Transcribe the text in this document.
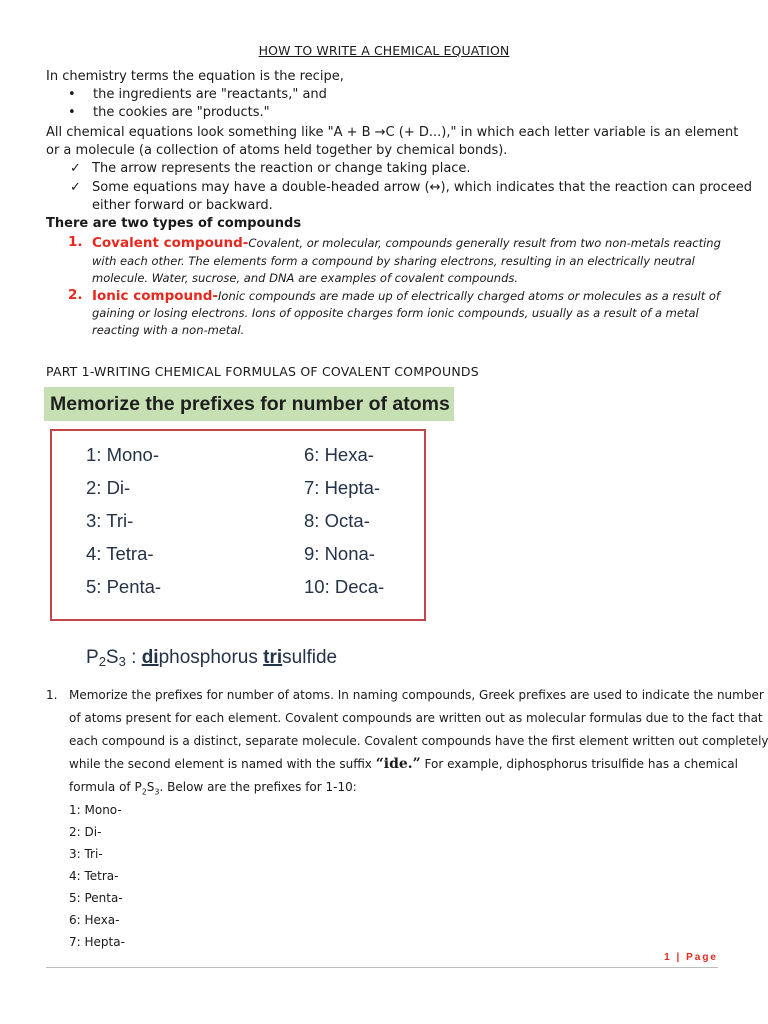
HOW TO WRITE A CHEMICAL EQUATION
In chemistry terms the equation is the recipe,
• the ingredients are "reactants," and
• the cookies are "products."
All chemical equations look something like "A + B →C (+ D...)," in which each letter variable is an element
or a molecule (a collection of atoms held together by chemical bonds).
✓ The arrow represents the reaction or change taking place.
✓ Some equations may have a double-headed arrow (↔), which indicates that the reaction can proceed
either forward or backward.
There are two types of compounds
1. Covalent compound-Covalent, or molecular, compounds generally result from two non-metals reacting
with each other. The elements form a compound by sharing electrons, resulting in an electrically neutral
molecule. Water, sucrose, and DNA are examples of covalent compounds.
2. Ionic compound-Ionic compounds are made up of electrically charged atoms or molecules as a result of
gaining or losing electrons. Ions of opposite charges form ionic compounds, usually as a result of a metal
reacting with a non-metal.
PART 1-WRITING CHEMICAL FORMULAS OF COVALENT COMPOUNDS
Memorize the prefixes for number of atoms
1: Mono-
2: Di-
3: Tri-
4: Tetra-
5: Penta-
6: Hexa-
7: Hepta-
8: Octa-
9: Nona-
10: Deca-
$P_2S_3$ : diphosphorus trisulfide
1. Memorize the prefixes for number of atoms. In naming compounds, Greek prefixes are used to indicate the number
of atoms present for each element. Covalent compounds are written out as molecular formulas due to the fact that
each compound is a distinct, separate molecule. Covalent compounds have the first element written out completely
while the second element is named with the suffix “ide.” For example, diphosphorus trisulfide has a chemical
formula of $P_2S_3$. Below are the prefixes for 1-10:
1: Mono-
2: Di-
3: Tri-
4: Tetra-
5: Penta-
6: Hexa-
7: Hepta-
1 | Page
